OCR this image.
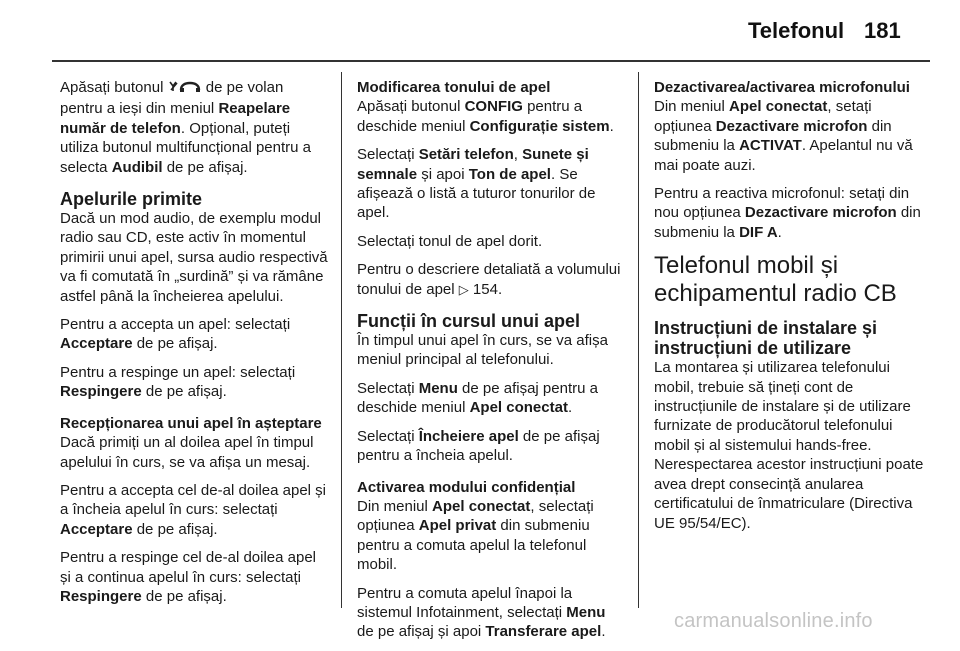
Telefonul 181

Apăsați butonul  de pe volan pentru a ieși din meniul Reapelare număr de telefon. Opțional, puteți utiliza butonul multifuncțional pentru a selecta Audibil de pe afișaj.

Apelurile primite

Dacă un mod audio, de exemplu modul radio sau CD, este activ în momentul primirii unui apel, sursa audio respectivă va fi comutată în „surdină” și va rămâne astfel până la încheierea apelului.

Pentru a accepta un apel: selectați Acceptare de pe afișaj.

Pentru a respinge un apel: selectați Respingere de pe afișaj.

Recepționarea unui apel în așteptare

Dacă primiți un al doilea apel în timpul apelului în curs, se va afișa un mesaj.

Pentru a accepta cel de-al doilea apel și a încheia apelul în curs: selectați Acceptare de pe afișaj.

Pentru a respinge cel de-al doilea apel și a continua apelul în curs: selectați Respingere de pe afișaj.

Modificarea tonului de apel

Apăsați butonul CONFIG pentru a deschide meniul Configurație sistem.

Selectați Setări telefon, Sunete și semnale și apoi Ton de apel. Se afișează o listă a tuturor tonurilor de apel.

Selectați tonul de apel dorit.

Pentru o descriere detaliată a volumului tonului de apel ▷ 154.

Funcții în cursul unui apel

În timpul unui apel în curs, se va afișa meniul principal al telefonului.

Selectați Menu de pe afișaj pentru a deschide meniul Apel conectat.

Selectați Încheiere apel de pe afișaj pentru a încheia apelul.

Activarea modului confidențial

Din meniul Apel conectat, selectați opțiunea Apel privat din submeniu pentru a comuta apelul la telefonul mobil.

Pentru a comuta apelul înapoi la sistemul Infotainment, selectați Menu de pe afișaj și apoi Transferare apel.

Dezactivarea/activarea microfonului

Din meniul Apel conectat, setați opțiunea Dezactivare microfon din submeniu la ACTIVAT. Apelantul nu vă mai poate auzi.

Pentru a reactiva microfonul: setați din nou opțiunea Dezactivare microfon din submeniu la DIF A.

Telefonul mobil și echipamentul radio CB
Instrucțiuni de instalare și instrucțiuni de utilizare

La montarea și utilizarea telefonului mobil, trebuie să țineți cont de instrucțiunile de instalare și de utilizare furnizate de producătorul telefonului mobil și al sistemului hands-free. Nerespectarea acestor instrucțiuni poate avea drept consecință anularea certificatului de înmatriculare (Directiva UE 95/54/EC).

carmanualsonline.info
